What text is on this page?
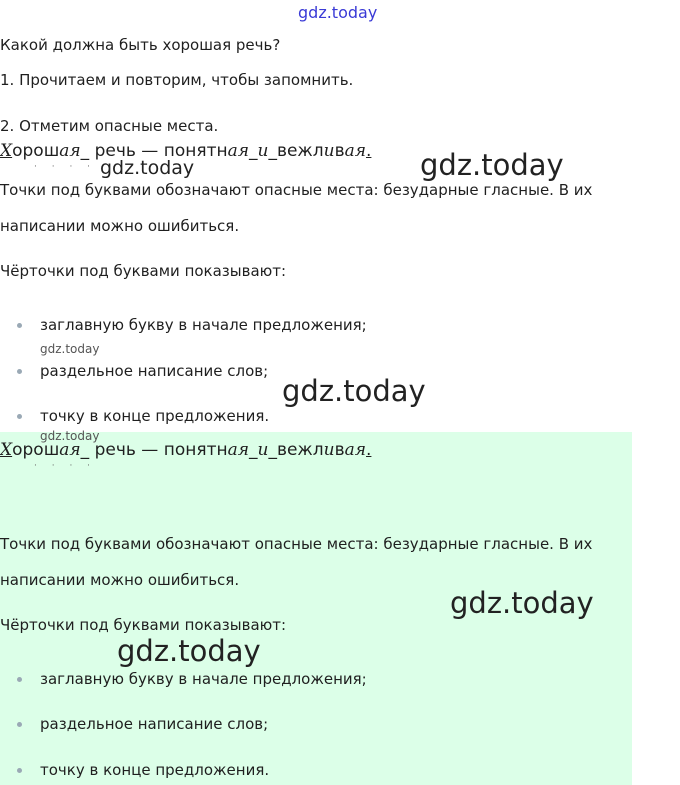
gdz.today
Какой должна быть хорошая речь?
1. Прочитаем и повторим, чтобы запомнить.
2. Отметим опасные места.
Хорошая_ речь — понятная_и_вежливая.
· · · · gdz.today	gdz.today
Точки под буквами обозначают опасные места: безударные гласные. В их
написании можно ошибиться.
Чёрточки под буквами показывают:
заглавную букву в начале предложения;
gdz.today
раздельное написание слов;
gdz.today
точку в конце предложения.
gdz.today
Хорошая_ речь — понятная_и_вежливая.
· · · ·
Точки под буквами обозначают опасные места: безударные гласные. В их
написании можно ошибиться.
gdz.today
Чёрточки под буквами показывают:
gdz.today
заглавную букву в начале предложения;
раздельное написание слов;
точку в конце предложения.
